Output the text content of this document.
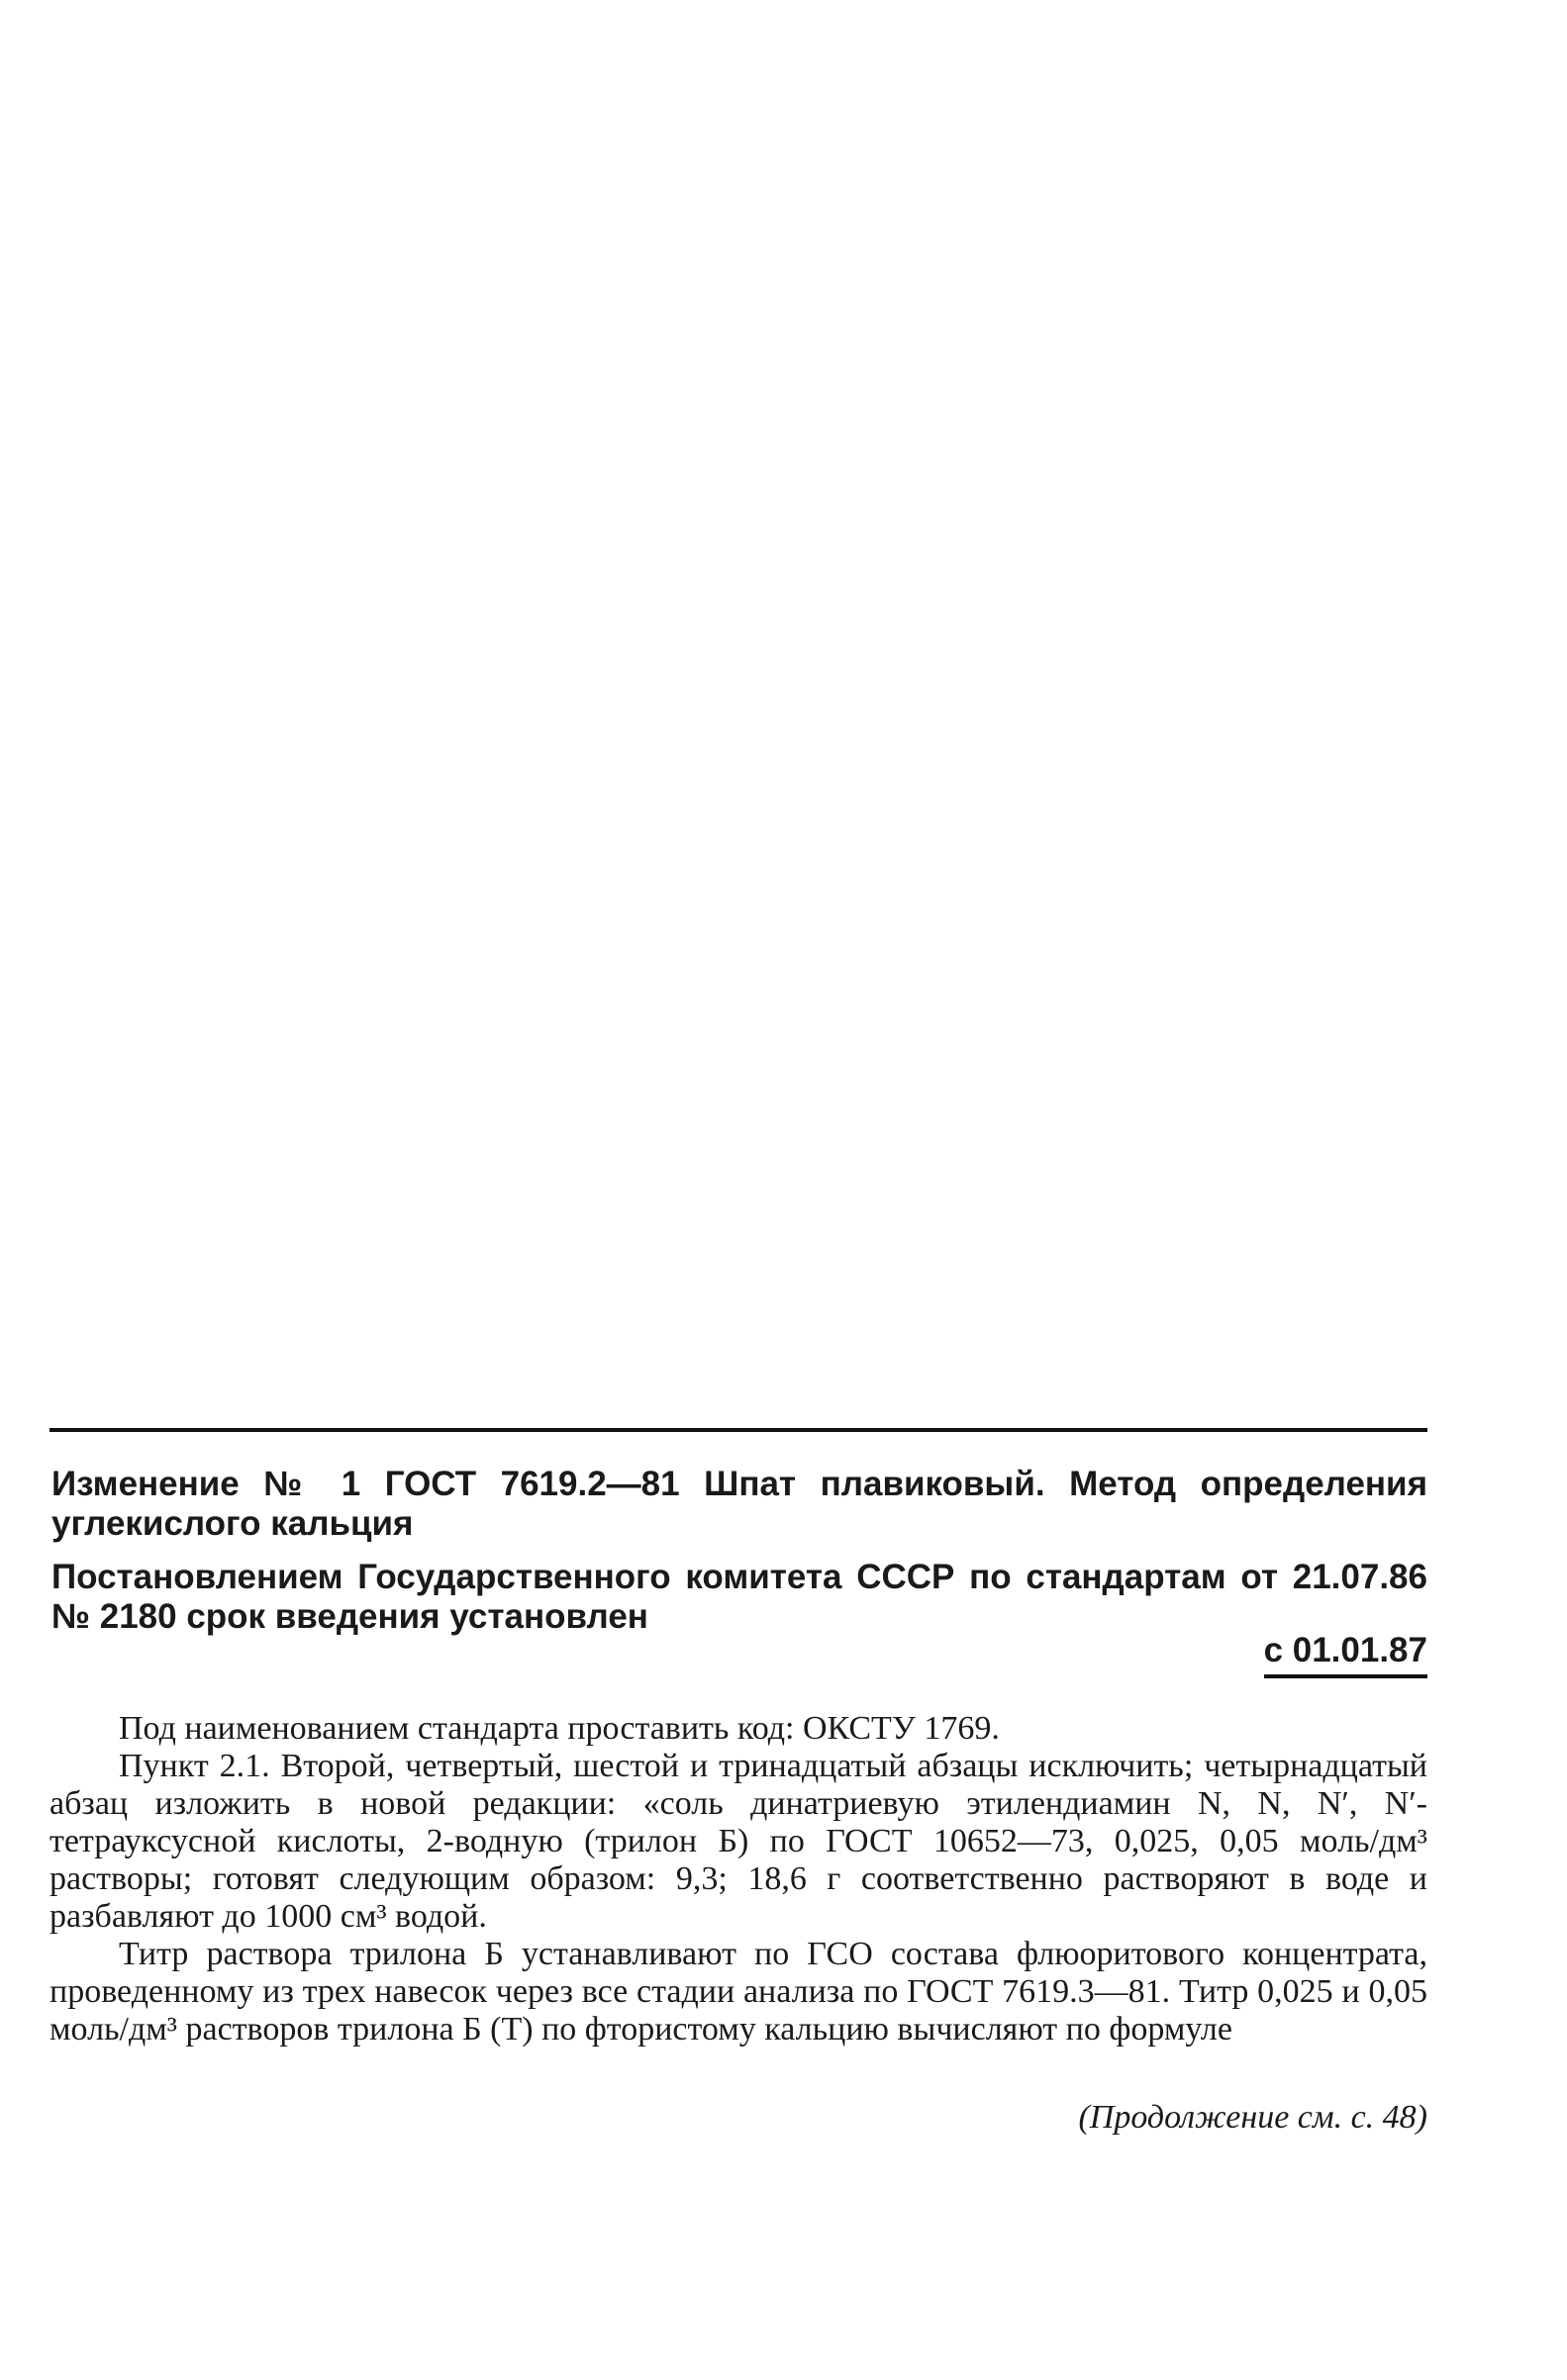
Изменение № 1 ГОСТ 7619.2—81 Шпат плавиковый. Метод определения углекислого кальция

Постановлением Государственного комитета СССР по стандартам от 21.07.86 № 2180 срок введения установлен

с 01.01.87

Под наименованием стандарта проставить код: ОКСТУ 1769.

Пункт 2.1. Второй, четвертый, шестой и тринадцатый абзацы исключить; четырнадцатый абзац изложить в новой редакции: «соль динатриевую этилендиамин N, N, N′, N′-тетрауксусной кислоты, 2-водную (трилон Б) по ГОСТ 10652—73, 0,025, 0,05 моль/дм³ растворы; готовят следующим образом: 9,3; 18,6 г соответственно растворяют в воде и разбавляют до 1000 см³ водой.

Титр раствора трилона Б устанавливают по ГСО состава флюоритового концентрата, проведенному из трех навесок через все стадии анализа по ГОСТ 7619.3—81. Титр 0,025 и 0,05 моль/дм³ растворов трилона Б (T) по фтористому кальцию вычисляют по формуле

(Продолжение см. с. 48)
